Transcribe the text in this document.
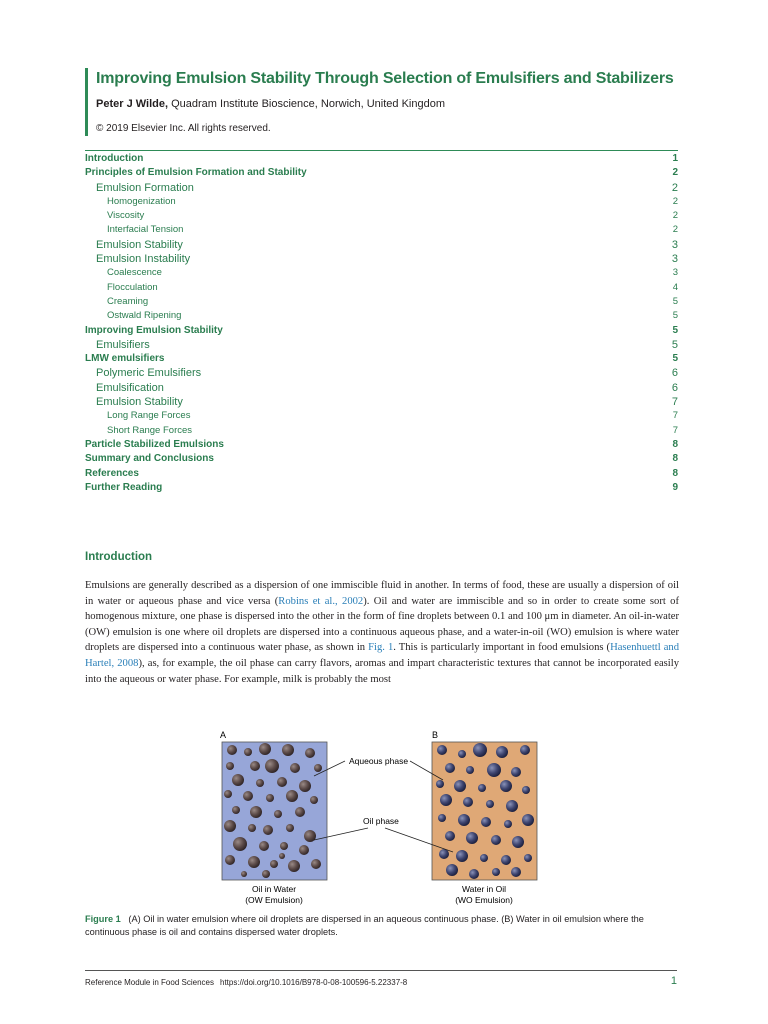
Improving Emulsion Stability Through Selection of Emulsifiers and Stabilizers
Peter J Wilde, Quadram Institute Bioscience, Norwich, United Kingdom
© 2019 Elsevier Inc. All rights reserved.
Introduction	1
Principles of Emulsion Formation and Stability	2
Emulsion Formation	2
Homogenization	2
Viscosity	2
Interfacial Tension	2
Emulsion Stability	3
Emulsion Instability	3
Coalescence	3
Flocculation	4
Creaming	5
Ostwald Ripening	5
Improving Emulsion Stability	5
Emulsifiers	5
LMW emulsifiers	5
Polymeric Emulsifiers	6
Emulsification	6
Emulsion Stability	7
Long Range Forces	7
Short Range Forces	7
Particle Stabilized Emulsions	8
Summary and Conclusions	8
References	8
Further Reading	9
Introduction

Emulsions are generally described as a dispersion of one immiscible fluid in another. In terms of food, these are usually a dispersion of oil in water or aqueous phase and vice versa (Robins et al., 2002). Oil and water are immiscible and so in order to create some sort of homogenous mixture, one phase is dispersed into the other in the form of fine droplets between 0.1 and 100 μm in diameter. An oil-in-water (OW) emulsion is one where oil droplets are dispersed into a continuous aqueous phase, and a water-in-oil (WO) emulsion is where water droplets are dispersed into a continuous water phase, as shown in Fig. 1. This is particularly important in food emulsions (Hasenhuettl and Hartel, 2008), as, for example, the oil phase can carry flavors, aromas and impart characteristic textures that cannot be incorporated easily into the aqueous or water phase. For example, milk is probably the most

A	B
Aqueous phase
Oil phase
Oil in Water
(OW Emulsion)
Water in Oil
(WO Emulsion)
Figure 1 (A) Oil in water emulsion where oil droplets are dispersed in an aqueous continuous phase. (B) Water in oil emulsion where the continuous phase is oil and contains dispersed water droplets.
Reference Module in Food Sciences https://doi.org/10.1016/B978-0-08-100596-5.22337-8	1
